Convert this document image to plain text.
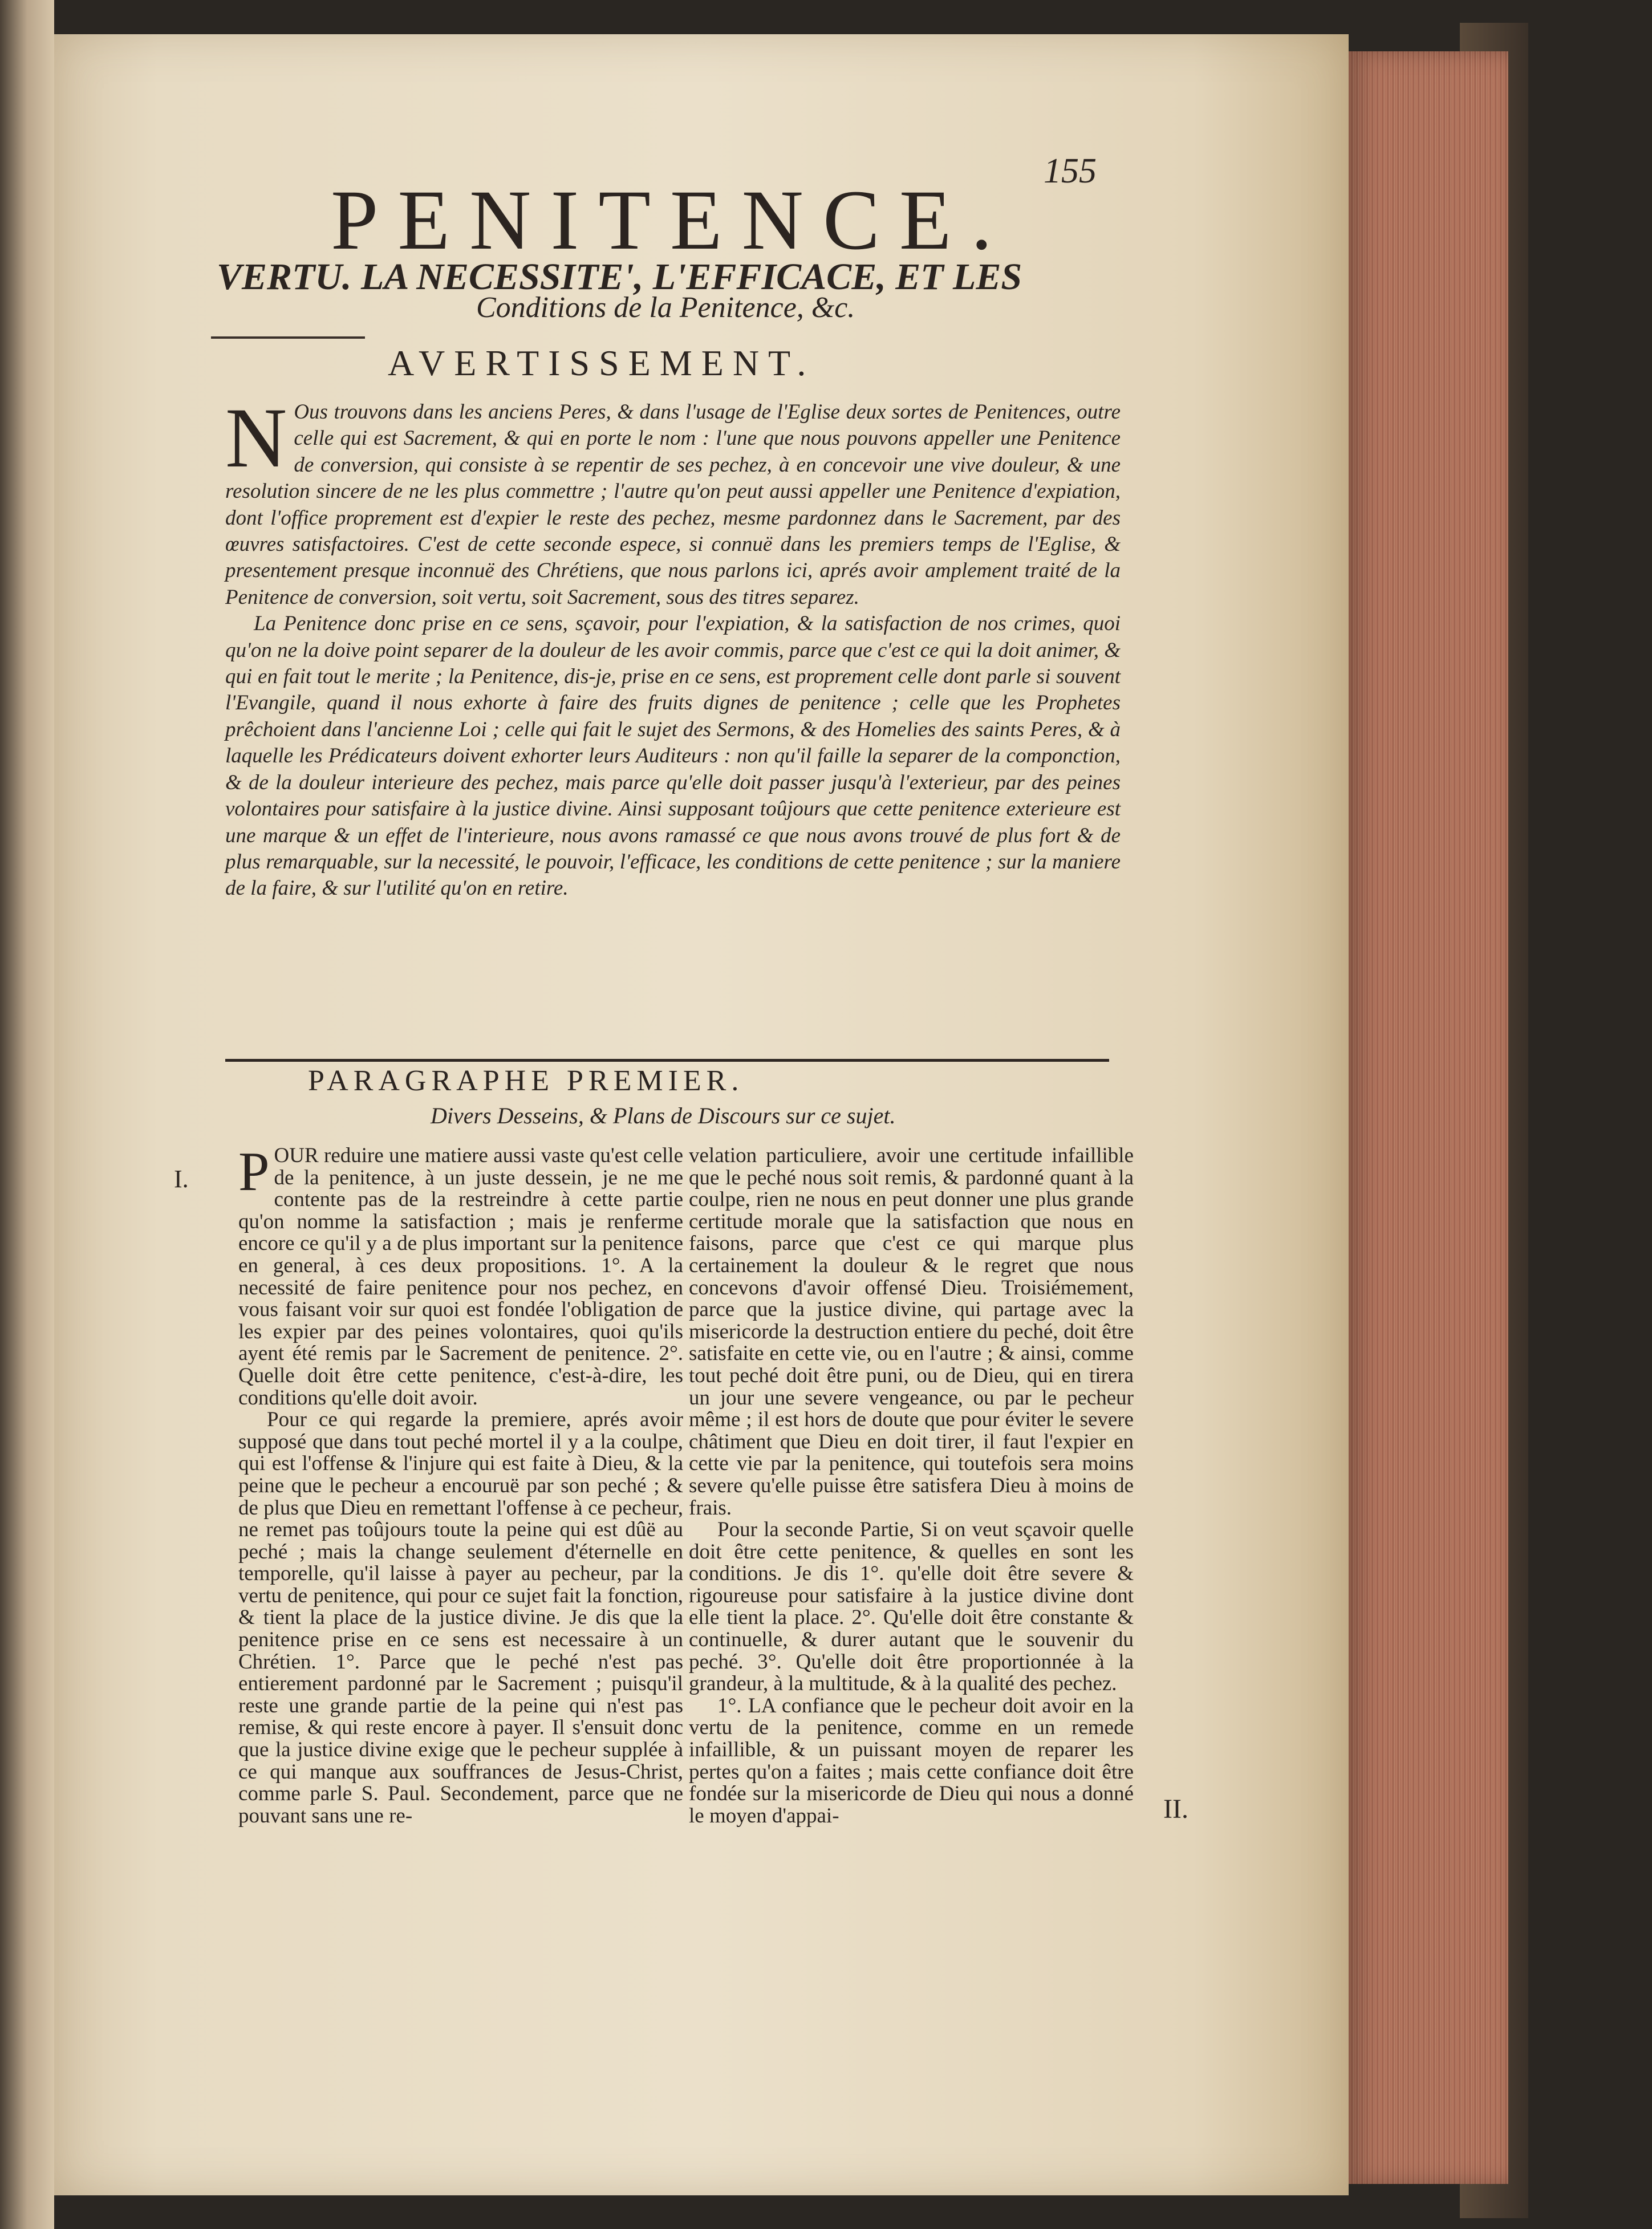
155
PENITENCE.
VERTU. LA NECESSITE', L'EFFICACE, ET LES
Conditions de la Penitence, &c.
AVERTISSEMENT.

N Ous trouvons dans les anciens Peres, & dans l'usage de l'Eglise deux sortes de Penitences, outre celle qui est Sacrement, & qui en porte le nom : l'une que nous pouvons appeller une Penitence de conversion, qui consiste à se repentir de ses pechez, à en concevoir une vive douleur, & une resolution sincere de ne les plus commettre ; l'autre qu'on peut aussi appeller une Penitence d'expiation, dont l'office proprement est d'expier le reste des pechez, mesme pardonnez dans le Sacrement, par des œuvres satisfactoires. C'est de cette seconde espece, si connuë dans les premiers temps de l'Eglise, & presentement presque inconnuë des Chrétiens, que nous parlons ici, aprés avoir amplement traité de la Penitence de conversion, soit vertu, soit Sacrement, sous des titres separez.

La Penitence donc prise en ce sens, sçavoir, pour l'expiation, & la satisfaction de nos crimes, quoi qu'on ne la doive point separer de la douleur de les avoir commis, parce que c'est ce qui la doit animer, & qui en fait tout le merite ; la Penitence, dis-je, prise en ce sens, est proprement celle dont parle si souvent l'Evangile, quand il nous exhorte à faire des fruits dignes de penitence ; celle que les Prophetes prêchoient dans l'ancienne Loi ; celle qui fait le sujet des Sermons, & des Homelies des saints Peres, & à laquelle les Prédicateurs doivent exhorter leurs Auditeurs : non qu'il faille la separer de la componction, & de la douleur interieure des pechez, mais parce qu'elle doit passer jusqu'à l'exterieur, par des peines volontaires pour satisfaire à la justice divine. Ainsi supposant toûjours que cette penitence exterieure est une marque & un effet de l'interieure, nous avons ramassé ce que nous avons trouvé de plus fort & de plus remarquable, sur la necessité, le pouvoir, l'efficace, les conditions de cette penitence ; sur la maniere de la faire, & sur l'utilité qu'on en retire.

PARAGRAPHE PREMIER.
Divers Desseins, & Plans de Discours sur ce sujet.
I.
II.

POUR reduire une matiere aussi vaste qu'est celle de la penitence, à un juste dessein, je ne me contente pas de la restreindre à cette partie qu'on nomme la satisfaction ; mais je renferme encore ce qu'il y a de plus important sur la penitence en general, à ces deux propositions. 1°. A la necessité de faire penitence pour nos pechez, en vous faisant voir sur quoi est fondée l'obligation de les expier par des peines volontaires, quoi qu'ils ayent été remis par le Sacrement de penitence. 2°. Quelle doit être cette penitence, c'est-à-dire, les conditions qu'elle doit avoir.

Pour ce qui regarde la premiere, aprés avoir supposé que dans tout peché mortel il y a la coulpe, qui est l'offense & l'injure qui est faite à Dieu, & la peine que le pecheur a encouruë par son peché ; & de plus que Dieu en remettant l'offense à ce pecheur, ne remet pas toûjours toute la peine qui est dûë au peché ; mais la change seulement d'éternelle en temporelle, qu'il laisse à payer au pecheur, par la vertu de penitence, qui pour ce sujet fait la fonction, & tient la place de la justice divine. Je dis que la penitence prise en ce sens est necessaire à un Chrétien. 1°. Parce que le peché n'est pas entierement pardonné par le Sacrement ; puisqu'il reste une grande partie de la peine qui n'est pas remise, & qui reste encore à payer. Il s'ensuit donc que la justice divine exige que le pecheur supplée à ce qui manque aux souffrances de Jesus-Christ, comme parle S. Paul. Secondement, parce que ne pouvant sans une re-

velation particuliere, avoir une certitude infaillible que le peché nous soit remis, & pardonné quant à la coulpe, rien ne nous en peut donner une plus grande certitude morale que la satisfaction que nous en faisons, parce que c'est ce qui marque plus certainement la douleur & le regret que nous concevons d'avoir offensé Dieu. Troisiémement, parce que la justice divine, qui partage avec la misericorde la destruction entiere du peché, doit être satisfaite en cette vie, ou en l'autre ; & ainsi, comme tout peché doit être puni, ou de Dieu, qui en tirera un jour une severe vengeance, ou par le pecheur même ; il est hors de doute que pour éviter le severe châtiment que Dieu en doit tirer, il faut l'expier en cette vie par la penitence, qui toutefois sera moins severe qu'elle puisse être satisfera Dieu à moins de frais.

Pour la seconde Partie, Si on veut sçavoir quelle doit être cette penitence, & quelles en sont les conditions. Je dis 1°. qu'elle doit être severe & rigoureuse pour satisfaire à la justice divine dont elle tient la place. 2°. Qu'elle doit être constante & continuelle, & durer autant que le souvenir du peché. 3°. Qu'elle doit être proportionnée à la grandeur, à la multitude, & à la qualité des pechez.

1°. LA confiance que le pecheur doit avoir en la vertu de la penitence, comme en un remede infaillible, & un puissant moyen de reparer les pertes qu'on a faites ; mais cette confiance doit être fondée sur la misericorde de Dieu qui nous a donné le moyen d'appai-
